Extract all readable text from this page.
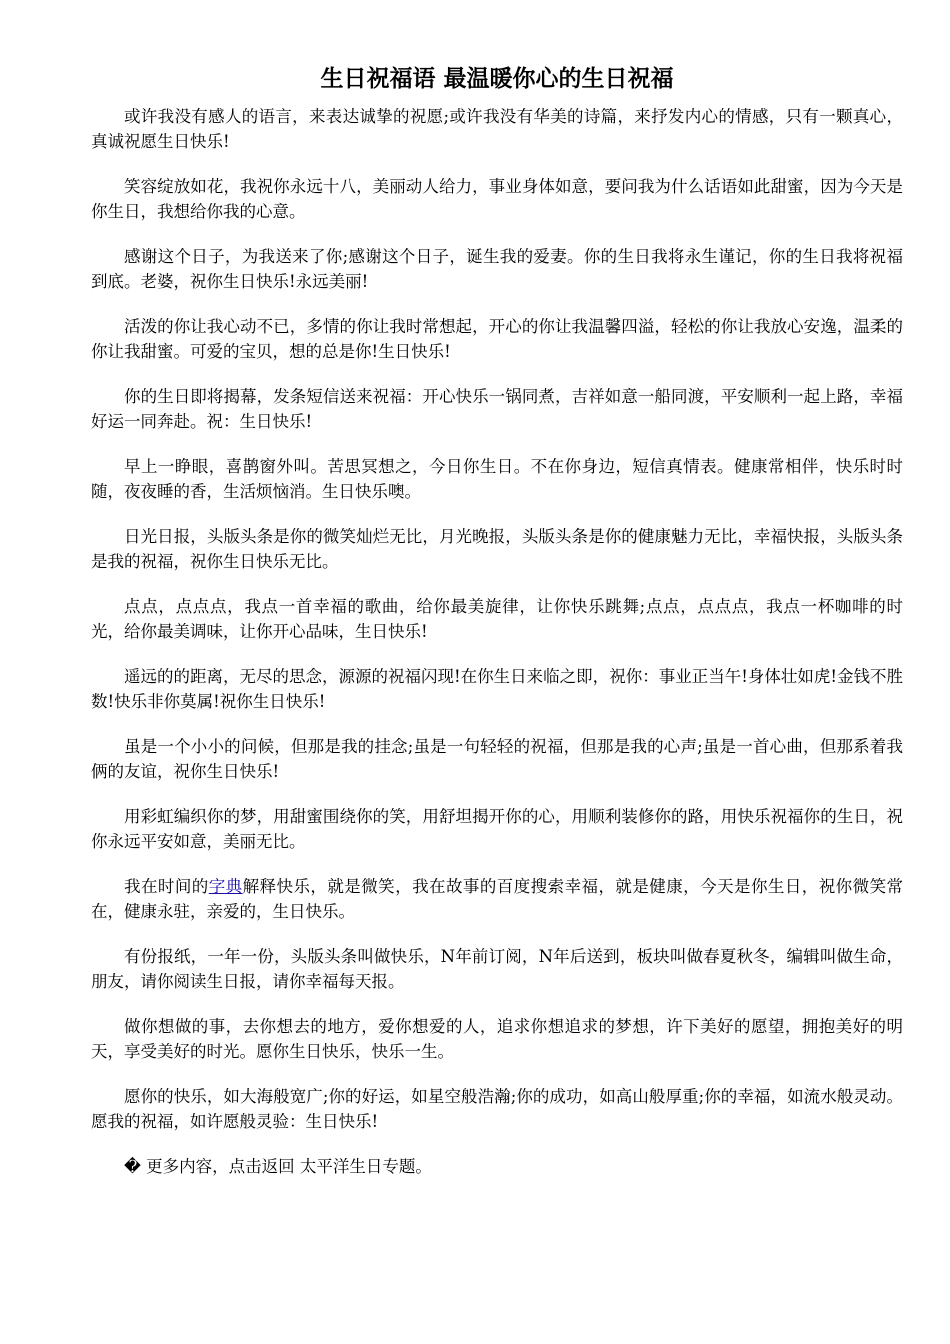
生日祝福语 最温暖你心的生日祝福

或许我没有感人的语言，来表达诚挚的祝愿;或许我没有华美的诗篇，来抒发内心的情感，只有一颗真心，真诚祝愿生日快乐!

笑容绽放如花，我祝你永远十八，美丽动人给力，事业身体如意，要问我为什么话语如此甜蜜，因为今天是你生日，我想给你我的心意。

感谢这个日子，为我送来了你;感谢这个日子，诞生我的爱妻。你的生日我将永生谨记，你的生日我将祝福到底。老婆，祝你生日快乐!永远美丽!

活泼的你让我心动不已，多情的你让我时常想起，开心的你让我温馨四溢，轻松的你让我放心安逸，温柔的你让我甜蜜。可爱的宝贝，想的总是你!生日快乐!

你的生日即将揭幕，发条短信送来祝福：开心快乐一锅同煮，吉祥如意一船同渡，平安顺利一起上路，幸福好运一同奔赴。祝：生日快乐!

早上一睁眼，喜鹊窗外叫。苦思冥想之，今日你生日。不在你身边，短信真情表。健康常相伴，快乐时时随，夜夜睡的香，生活烦恼消。生日快乐噢。

日光日报，头版头条是你的微笑灿烂无比，月光晚报，头版头条是你的健康魅力无比，幸福快报，头版头条是我的祝福，祝你生日快乐无比。

点点，点点点，我点一首幸福的歌曲，给你最美旋律，让你快乐跳舞;点点，点点点，我点一杯咖啡的时光，给你最美调味，让你开心品味，生日快乐!

遥远的的距离，无尽的思念，源源的祝福闪现!在你生日来临之即，祝你：事业正当午!身体壮如虎!金钱不胜数!快乐非你莫属!祝你生日快乐!

虽是一个小小的问候，但那是我的挂念;虽是一句轻轻的祝福，但那是我的心声;虽是一首心曲，但那系着我俩的友谊，祝你生日快乐!

用彩虹编织你的梦，用甜蜜围绕你的笑，用舒坦揭开你的心，用顺利装修你的路，用快乐祝福你的生日，祝你永远平安如意，美丽无比。

我在时间的字典解释快乐，就是微笑，我在故事的百度搜索幸福，就是健康，今天是你生日，祝你微笑常在，健康永驻，亲爱的，生日快乐。

有份报纸，一年一份，头版头条叫做快乐，N年前订阅，N年后送到，板块叫做春夏秋冬，编辑叫做生命，朋友，请你阅读生日报，请你幸福每天报。

做你想做的事，去你想去的地方，爱你想爱的人，追求你想追求的梦想，许下美好的愿望，拥抱美好的明天，享受美好的时光。愿你生日快乐，快乐一生。

愿你的快乐，如大海般宽广;你的好运，如星空般浩瀚;你的成功，如高山般厚重;你的幸福，如流水般灵动。愿我的祝福，如许愿般灵验：生日快乐!

� 更多内容，点击返回 太平洋生日专题。
